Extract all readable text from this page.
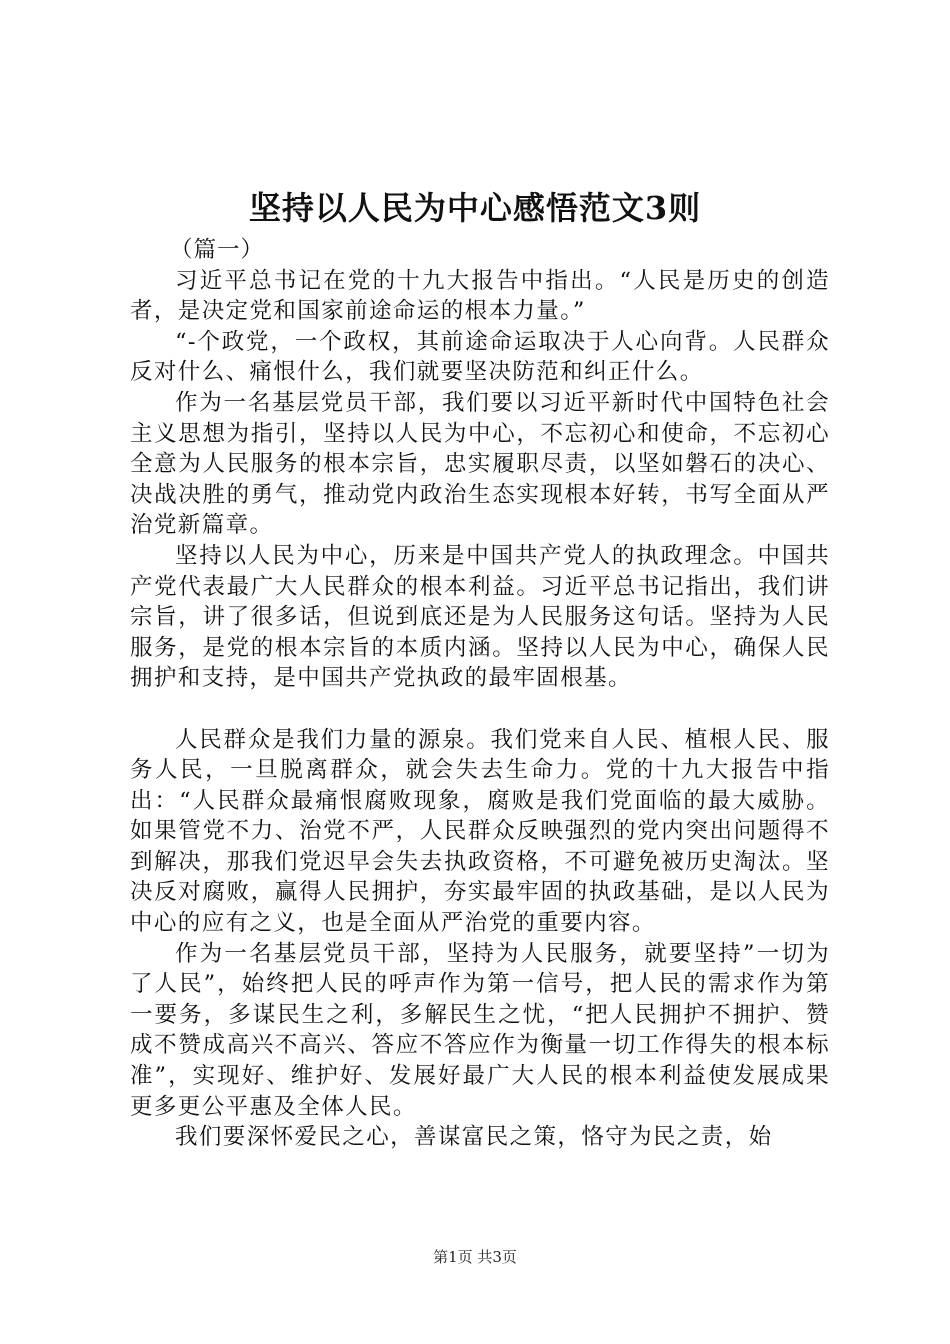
坚持以人民为中心感悟范文3则

（篇一）

习近平总书记在党的十九大报告中指出。“人民是历史的创造者，是决定党和国家前途命运的根本力量。”

“-个政党，一个政权，其前途命运取决于人心向背。人民群众反对什么、痛恨什么，我们就要坚决防范和纠正什么。

作为一名基层党员干部，我们要以习近平新时代中国特色社会主义思想为指引，坚持以人民为中心，不忘初心和使命，不忘初心全意为人民服务的根本宗旨，忠实履职尽责，以坚如磐石的决心、决战决胜的勇气，推动党内政治生态实现根本好转，书写全面从严治党新篇章。

坚持以人民为中心，历来是中国共产党人的执政理念。中国共产党代表最广大人民群众的根本利益。习近平总书记指出，我们讲宗旨，讲了很多话，但说到底还是为人民服务这句话。坚持为人民服务，是党的根本宗旨的本质内涵。坚持以人民为中心，确保人民拥护和支持，是中国共产党执政的最牢固根基。

人民群众是我们力量的源泉。我们党来自人民、植根人民、服务人民，一旦脱离群众，就会失去生命力。党的十九大报告中指出：“人民群众最痛恨腐败现象，腐败是我们党面临的最大威胁。如果管党不力、治党不严，人民群众反映强烈的党内突出问题得不到解决，那我们党迟早会失去执政资格，不可避免被历史淘汰。坚决反对腐败，赢得人民拥护，夯实最牢固的执政基础，是以人民为中心的应有之义，也是全面从严治党的重要内容。

作为一名基层党员干部，坚持为人民服务，就要坚持”一切为了人民”，始终把人民的呼声作为第一信号，把人民的需求作为第一要务，多谋民生之利，多解民生之忧，“把人民拥护不拥护、赞成不赞成高兴不高兴、答应不答应作为衡量一切工作得失的根本标准”，实现好、维护好、发展好最广大人民的根本利益使发展成果更多更公平惠及全体人民。

我们要深怀爱民之心，善谋富民之策，恪守为民之责，始

第1页 共3页
